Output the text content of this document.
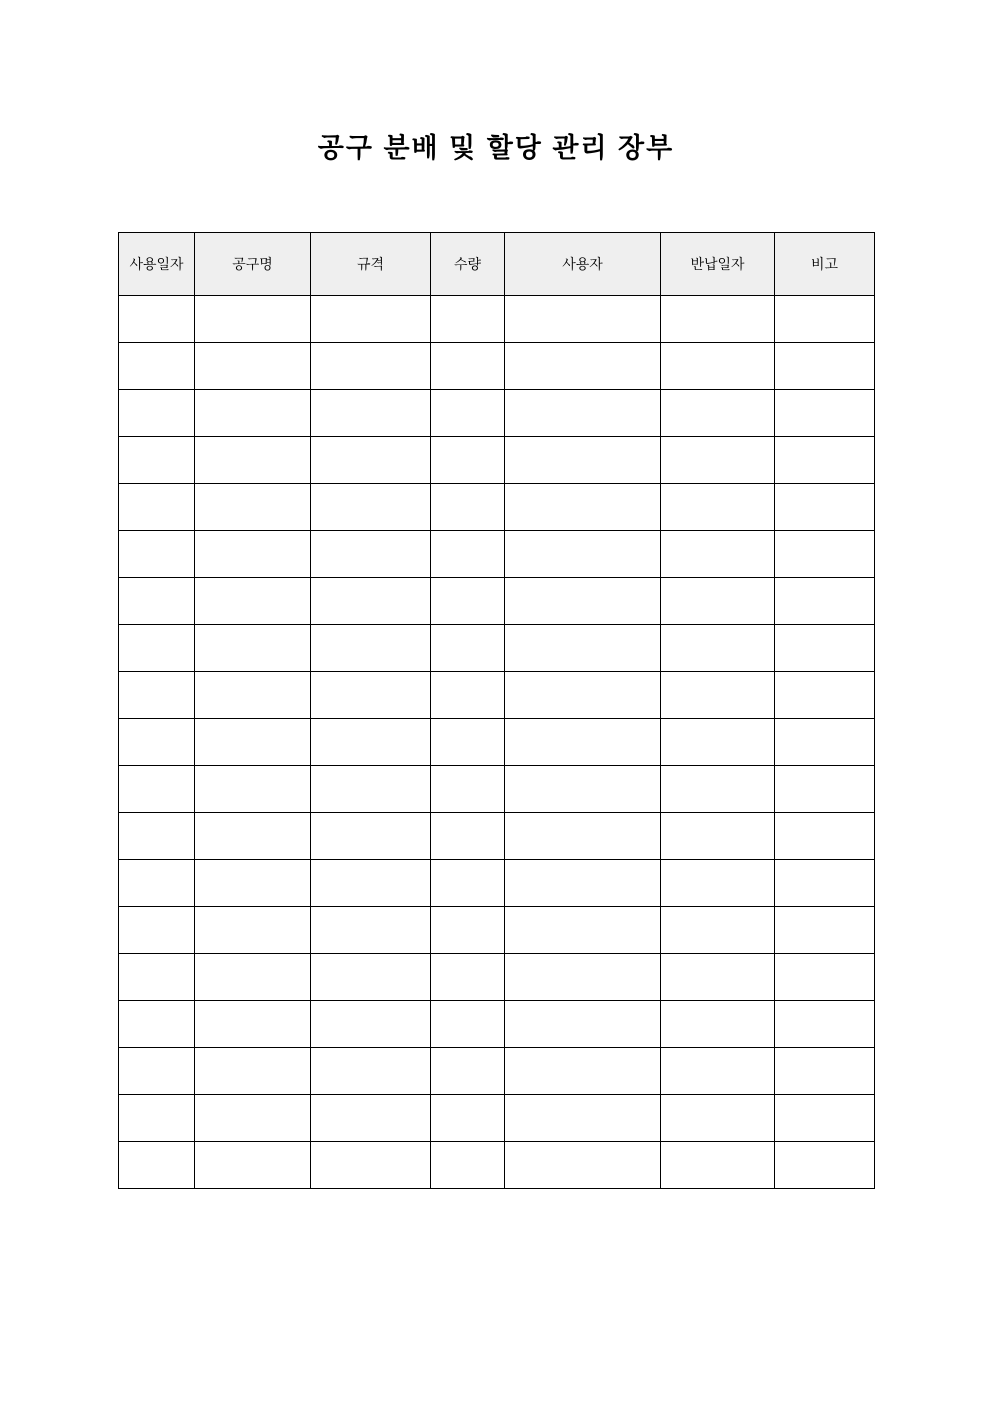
공구 분배 및 할당 관리 장부
사용일자	공구명	규격	수량	사용자	반납일자	비고
